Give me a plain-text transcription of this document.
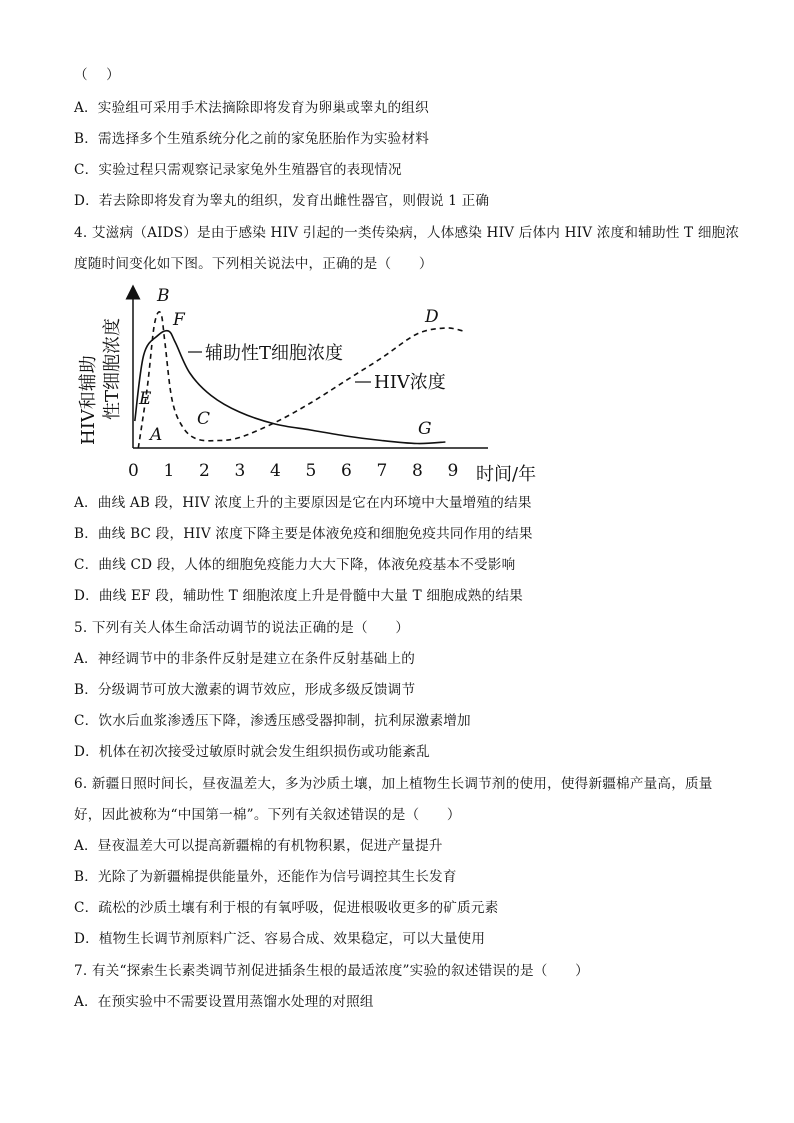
（　 ）
A．实验组可采用手术法摘除即将发育为卵巢或睾丸的组织
B．需选择多个生殖系统分化之前的家兔胚胎作为实验材料
C．实验过程只需观察记录家兔外生殖器官的表现情况
D．若去除即将发育为睾丸的组织，发育出雌性器官，则假说 1 正确
4. 艾滋病（AIDS）是由于感染 HIV 引起的一类传染病，人体感染 HIV 后体内 HIV 浓度和辅助性 T 细胞浓
度随时间变化如下图。下列相关说法中，正确的是（　　）
A．曲线 AB 段，HIV 浓度上升的主要原因是它在内环境中大量增殖的结果
B．曲线 BC 段，HIV 浓度下降主要是体液免疫和细胞免疫共同作用的结果
C．曲线 CD 段，人体的细胞免疫能力大大下降，体液免疫基本不受影响
D．曲线 EF 段，辅助性 T 细胞浓度上升是骨髓中大量 T 细胞成熟的结果
5. 下列有关人体生命活动调节的说法正确的是（　　）
A．神经调节中的非条件反射是建立在条件反射基础上的
B．分级调节可放大激素的调节效应，形成多级反馈调节
C．饮水后血浆渗透压下降，渗透压感受器抑制，抗利尿激素增加
D．机体在初次接受过敏原时就会发生组织损伤或功能紊乱
6. 新疆日照时间长，昼夜温差大，多为沙质土壤，加上植物生长调节剂的使用，使得新疆棉产量高，质量
好，因此被称为“中国第一棉”。下列有关叙述错误的是（　　）
A．昼夜温差大可以提高新疆棉的有机物积累，促进产量提升
B．光除了为新疆棉提供能量外，还能作为信号调控其生长发育
C．疏松的沙质土壤有利于根的有氧呼吸，促进根吸收更多的矿质元素
D．植物生长调节剂原料广泛、容易合成、效果稳定，可以大量使用
7. 有关“探索生长素类调节剂促进插条生根的最适浓度”实验的叙述错误的是（　　）
A．在预实验中不需要设置用蒸馏水处理的对照组
HIV和辅助 性T细胞浓度
0 1 2 3 4 5 6 7 8 9 时间/年
辅助性T细胞浓度
HIV浓度
A
B
C
D
E
F
G
